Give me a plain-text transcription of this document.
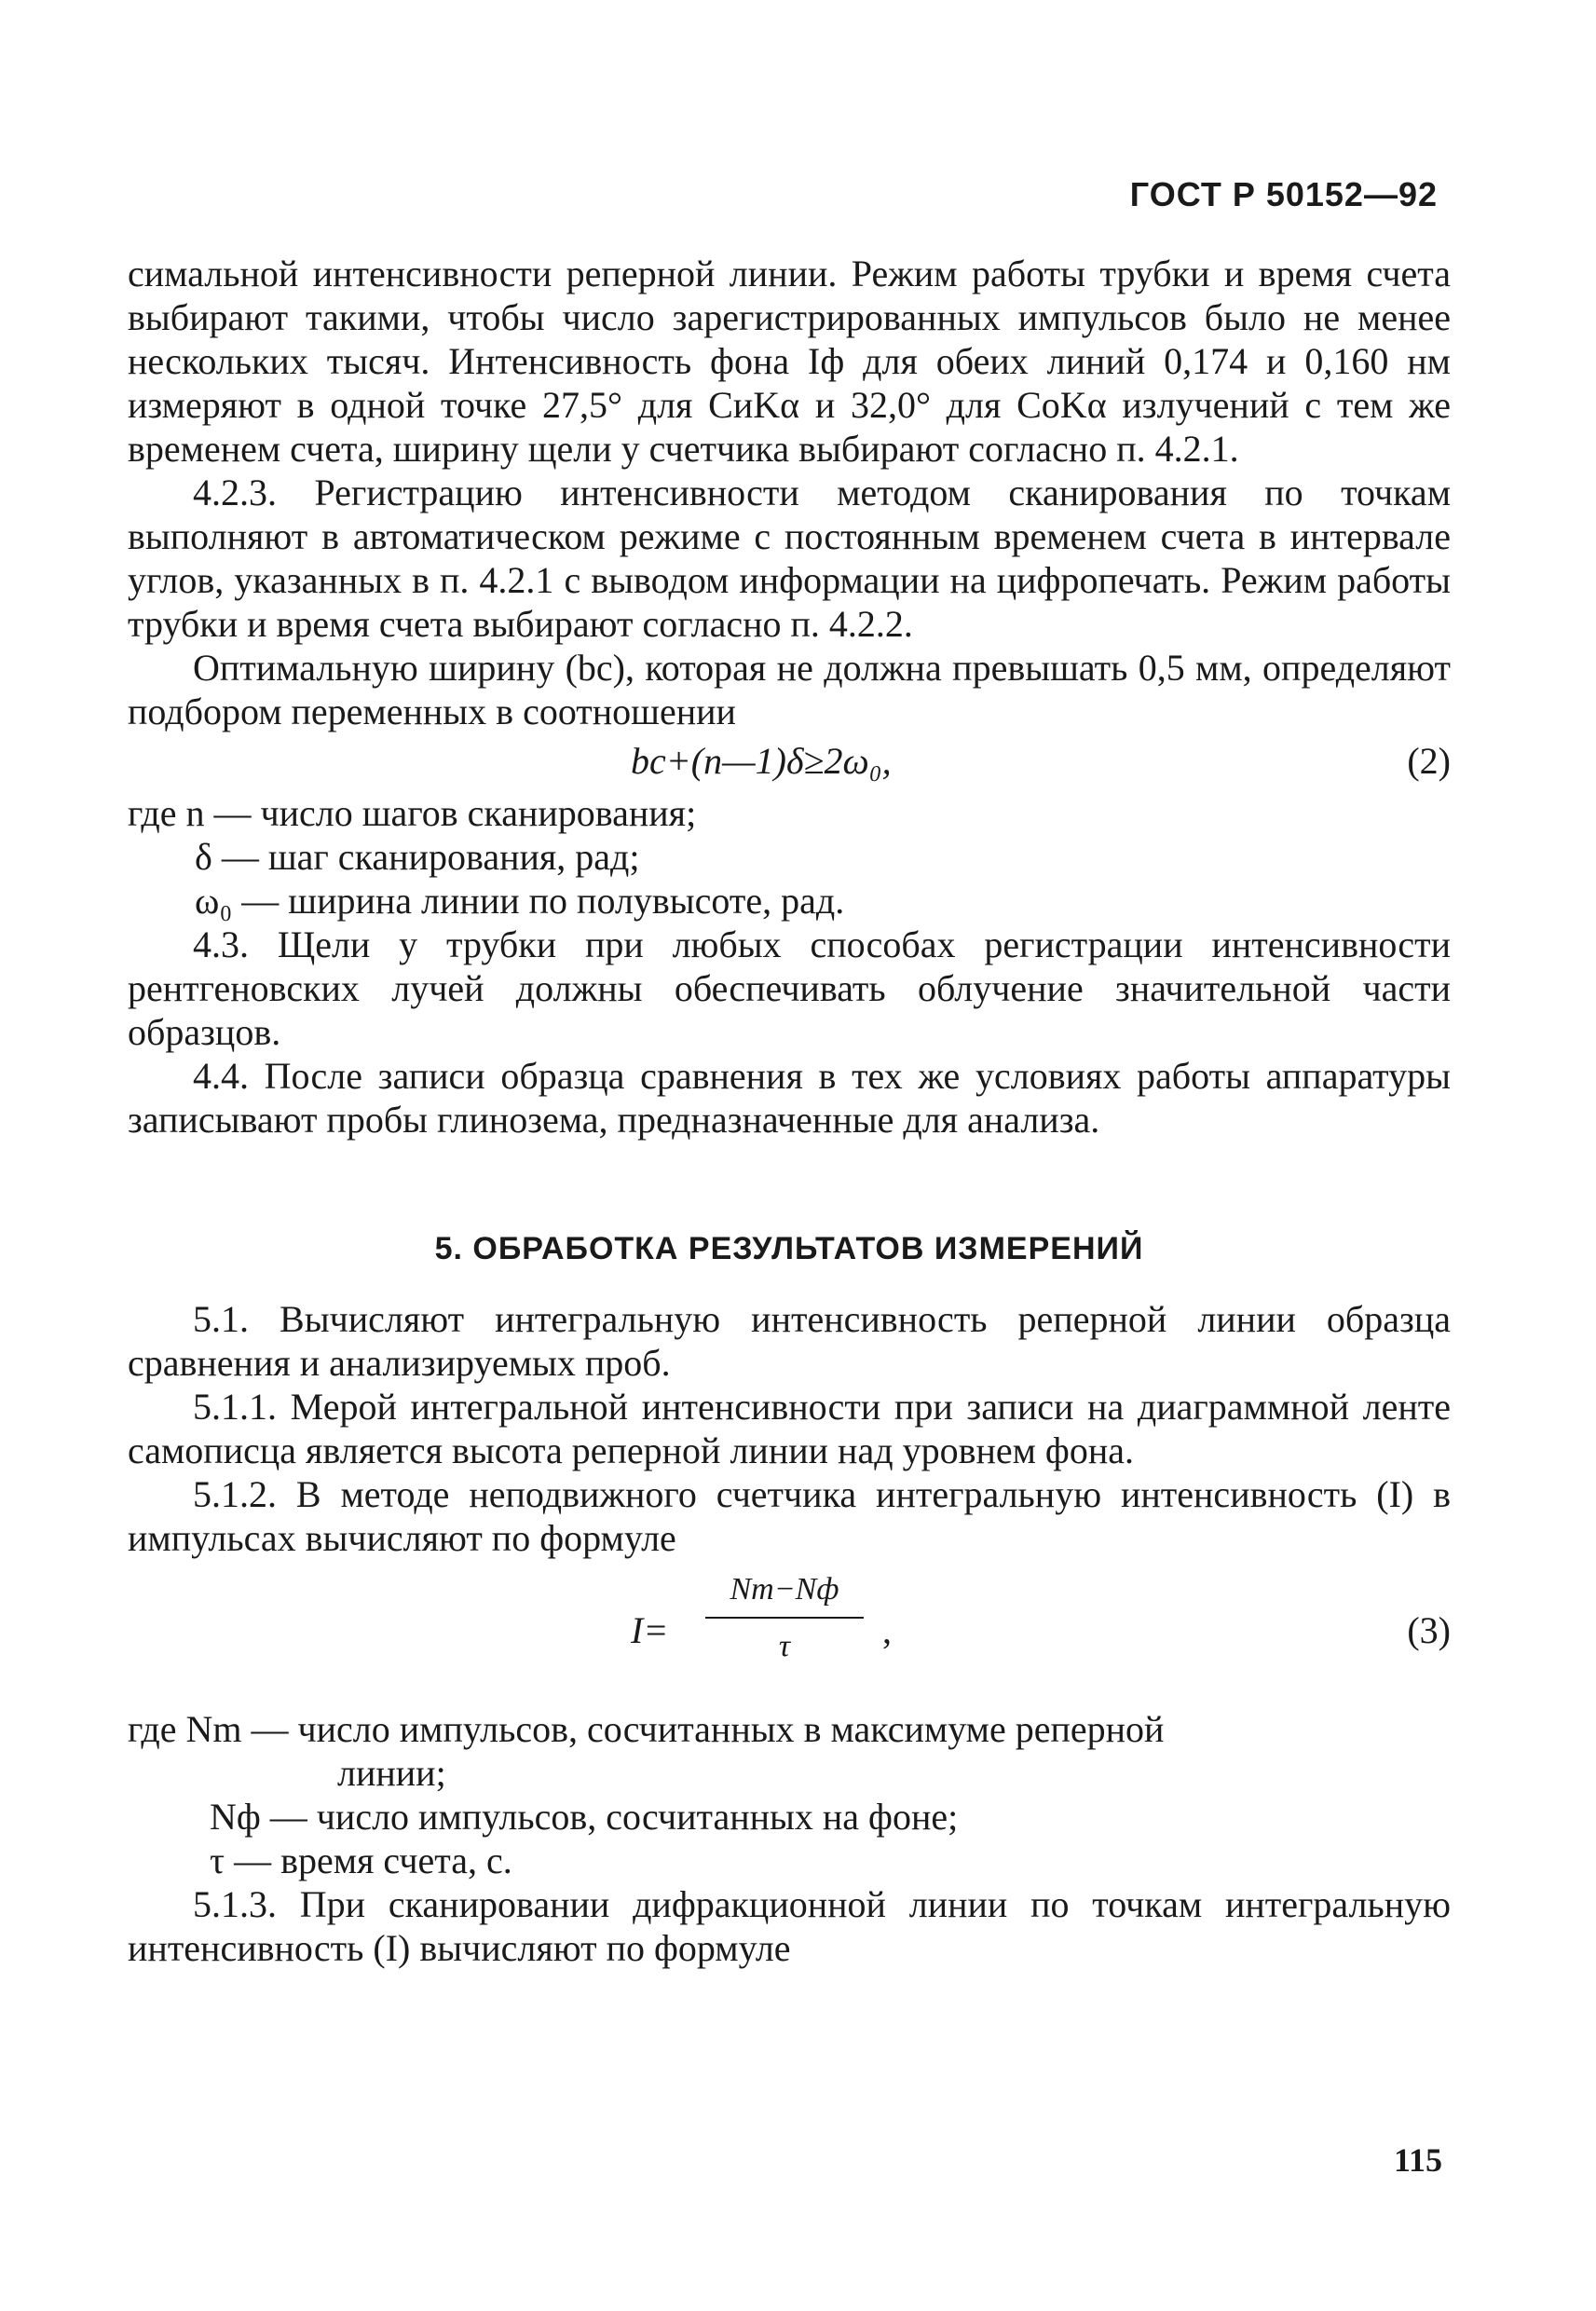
ГОСТ Р 50152—92

симальной интенсивности реперной линии. Режим работы трубки и время счета выбирают такими, чтобы число зарегистрированных импульсов было не менее нескольких тысяч. Интенсивность фона Iф для обеих линий 0,174 и 0,160 нм измеряют в одной точке 27,5° для CиKα и 32,0° для CoKα излучений с тем же временем счета, ширину щели у счетчика выбирают согласно п. 4.2.1.

4.2.3. Регистрацию интенсивности методом сканирования по точкам выполняют в автоматическом режиме с постоянным временем счета в интервале углов, указанных в п. 4.2.1 с выводом информации на цифропечать. Режим работы трубки и время счета выбирают согласно п. 4.2.2.

Оптимальную ширину (bс), которая не должна превышать 0,5 мм, определяют подбором переменных в соотношении

bс+(n—1)δ≥2ω₀,	(2)

где n — число шагов сканирования;

δ — шаг сканирования, рад;

ω₀ — ширина линии по полувысоте, рад.

4.3. Щели у трубки при любых способах регистрации интенсивности рентгеновских лучей должны обеспечивать облучение значительной части образцов.

4.4. После записи образца сравнения в тех же условиях работы аппаратуры записывают пробы глинозема, предназначенные для анализа.

5. ОБРАБОТКА РЕЗУЛЬТАТОВ ИЗМЕРЕНИЙ

5.1. Вычисляют интегральную интенсивность реперной линии образца сравнения и анализируемых проб.

5.1.1. Мерой интегральной интенсивности при записи на диаграммной ленте самописца является высота реперной линии над уровнем фона.

5.1.2. В методе неподвижного счетчика интегральную интенсивность (I) в импульсах вычисляют по формуле

I=
Nm−Nф
τ	,	(3)

где Nm — число импульсов, сосчитанных в максимуме реперной

линии;

Nф — число импульсов, сосчитанных на фоне;

τ — время счета, с.

5.1.3. При сканировании дифракционной линии по точкам интегральную интенсивность (I) вычисляют по формуле

115
